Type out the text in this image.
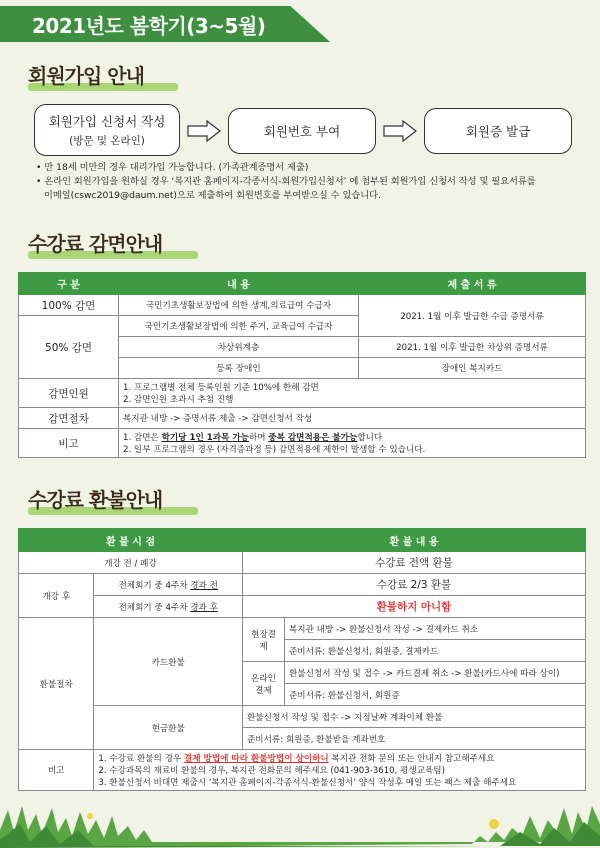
2021년도 봄학기(3~5월)
회원가입 안내
회원가입 신청서 작성
(방문 및 온라인)
회원번호 부여	회원증 발급

• 만 18세 미만의 경우 대리가입 가능합니다. (가족관계증명서 제출)

• 온라인 회원가입을 원하실 경우 ‘복지관 홈페이지-각종서식-회원가입신청서’ 에 첨부된 회원가입 신청서 작성 및 필요서류를

이메일(cswc2019@daum.net)으로 제출하여 회원번호를 부여받으실 수 있습니다.

수강료 감면안내
구 분	내 용	제 출 서 류
100% 감면	국민기초생활보장법에 의한 생계,의료급여 수급자	2021. 1월 이후 발급한 수급 증명서류
50% 감면	국민기초생활보장법에 의한 주거, 교육급여 수급자	
	차상위계층	2021. 1월 이후 발급한 차상위 증명서류
	등록 장애인	장애인 복지카드
감면인원	1. 프로그램별 전체 등록인원 기준 10%에 한해 감면
2. 감면인원 초과시 추첨 진행	

감면절차	복지관 내방 -> 증명서류 제출 -> 감면신청서 작성	
비고	1. 감면은 학기당 1인 1과목 가능하며 중복 감면적용은 불가능합니다
2. 일부 프로그램의 경우 (자격증과정 등) 감면적용에 제한이 발생할 수 있습니다.	
수강료 환불안내
환 불 시 점		환 불 내 용	
개강 전 / 폐강		수강료 전액 환불	
개강 후	전체회기 중 4주차 경과 전	수강료 2/3 환불	
	전체회기 중 4주차 경과 후	환불하지 아니함	
환불절차	카드환불	현장결제	복지관 내방 -> 환불신청서 작성 -> 결제카드 취소
			준비서류: 환불신청서, 회원증, 결제카드
		온라인 결제	환불신청서 작성 및 접수 -> 카드결제 취소 -> 환불(카드사에 따라 상이)
			준비서류: 환불신청서, 회원증
	현금환불	환불신청서 작성 및 접수 -> 지정날짜 계좌이체 환불	
		준비서류: 회원증, 환불받을 계좌번호	
비고	1. 수강료 환불의 경우 결제 방법에 따라 환불방법이 상이하니 복지관 전화 문의 또는 안내지 참고해주세요
2. 수강과목의 재료비 환불의 경우, 복지관 전화문의 해주세요 (041-903-3610, 평생교육팀)
3. 환불신청서 비대면 제출시 ‘복지관 홈페이지-각종서식-환불신청서’ 양식 작성후 메일 또는 팩스 제출 해주세요		
